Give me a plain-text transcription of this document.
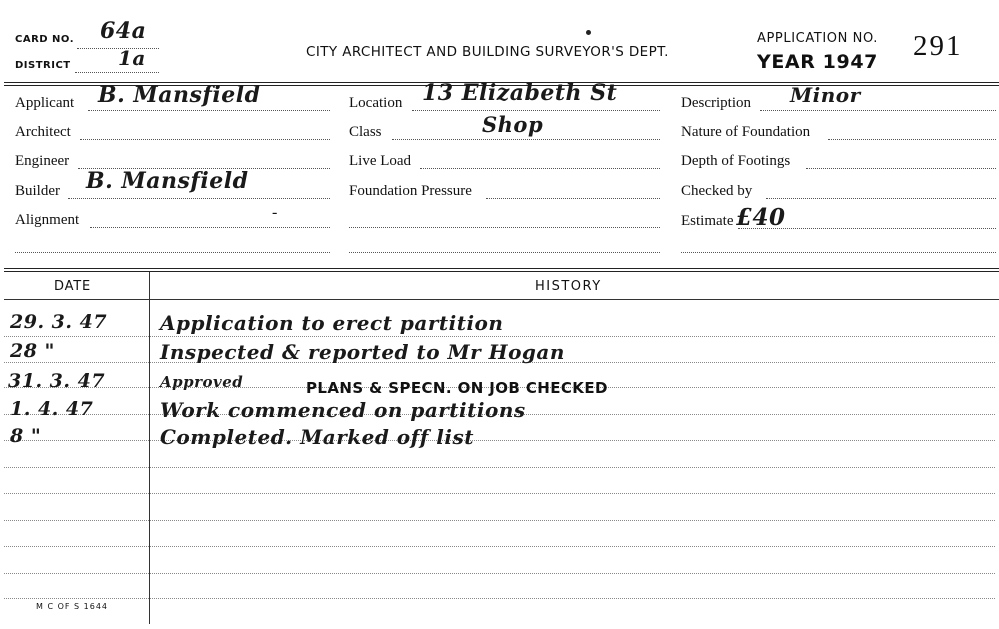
CARD NO. 64a
DISTRICT 1a	CITY ARCHITECT AND BUILDING SURVEYOR'S DEPT.
APPLICATION NO.
YEAR 1947 291
Applicant B. Mansfield
Architect
Engineer
Builder B. Mansfield
Alignment	-
Location 13 Elizabeth St
Class	Shop
Live Load
Foundation Pressure
Description Minor
Nature of Foundation
Depth of Footings
Checked by
Estimate £40
DATE	HISTORY
29. 3. 47	Application to erect partition
28 "	Inspected & reported to Mr Hogan
31. 3. 47	Approved	PLANS & SPECN. ON JOB CHECKED
1. 4. 47	Work commenced on partitions
8 "	Completed. Marked off list
M C OF S 1644
